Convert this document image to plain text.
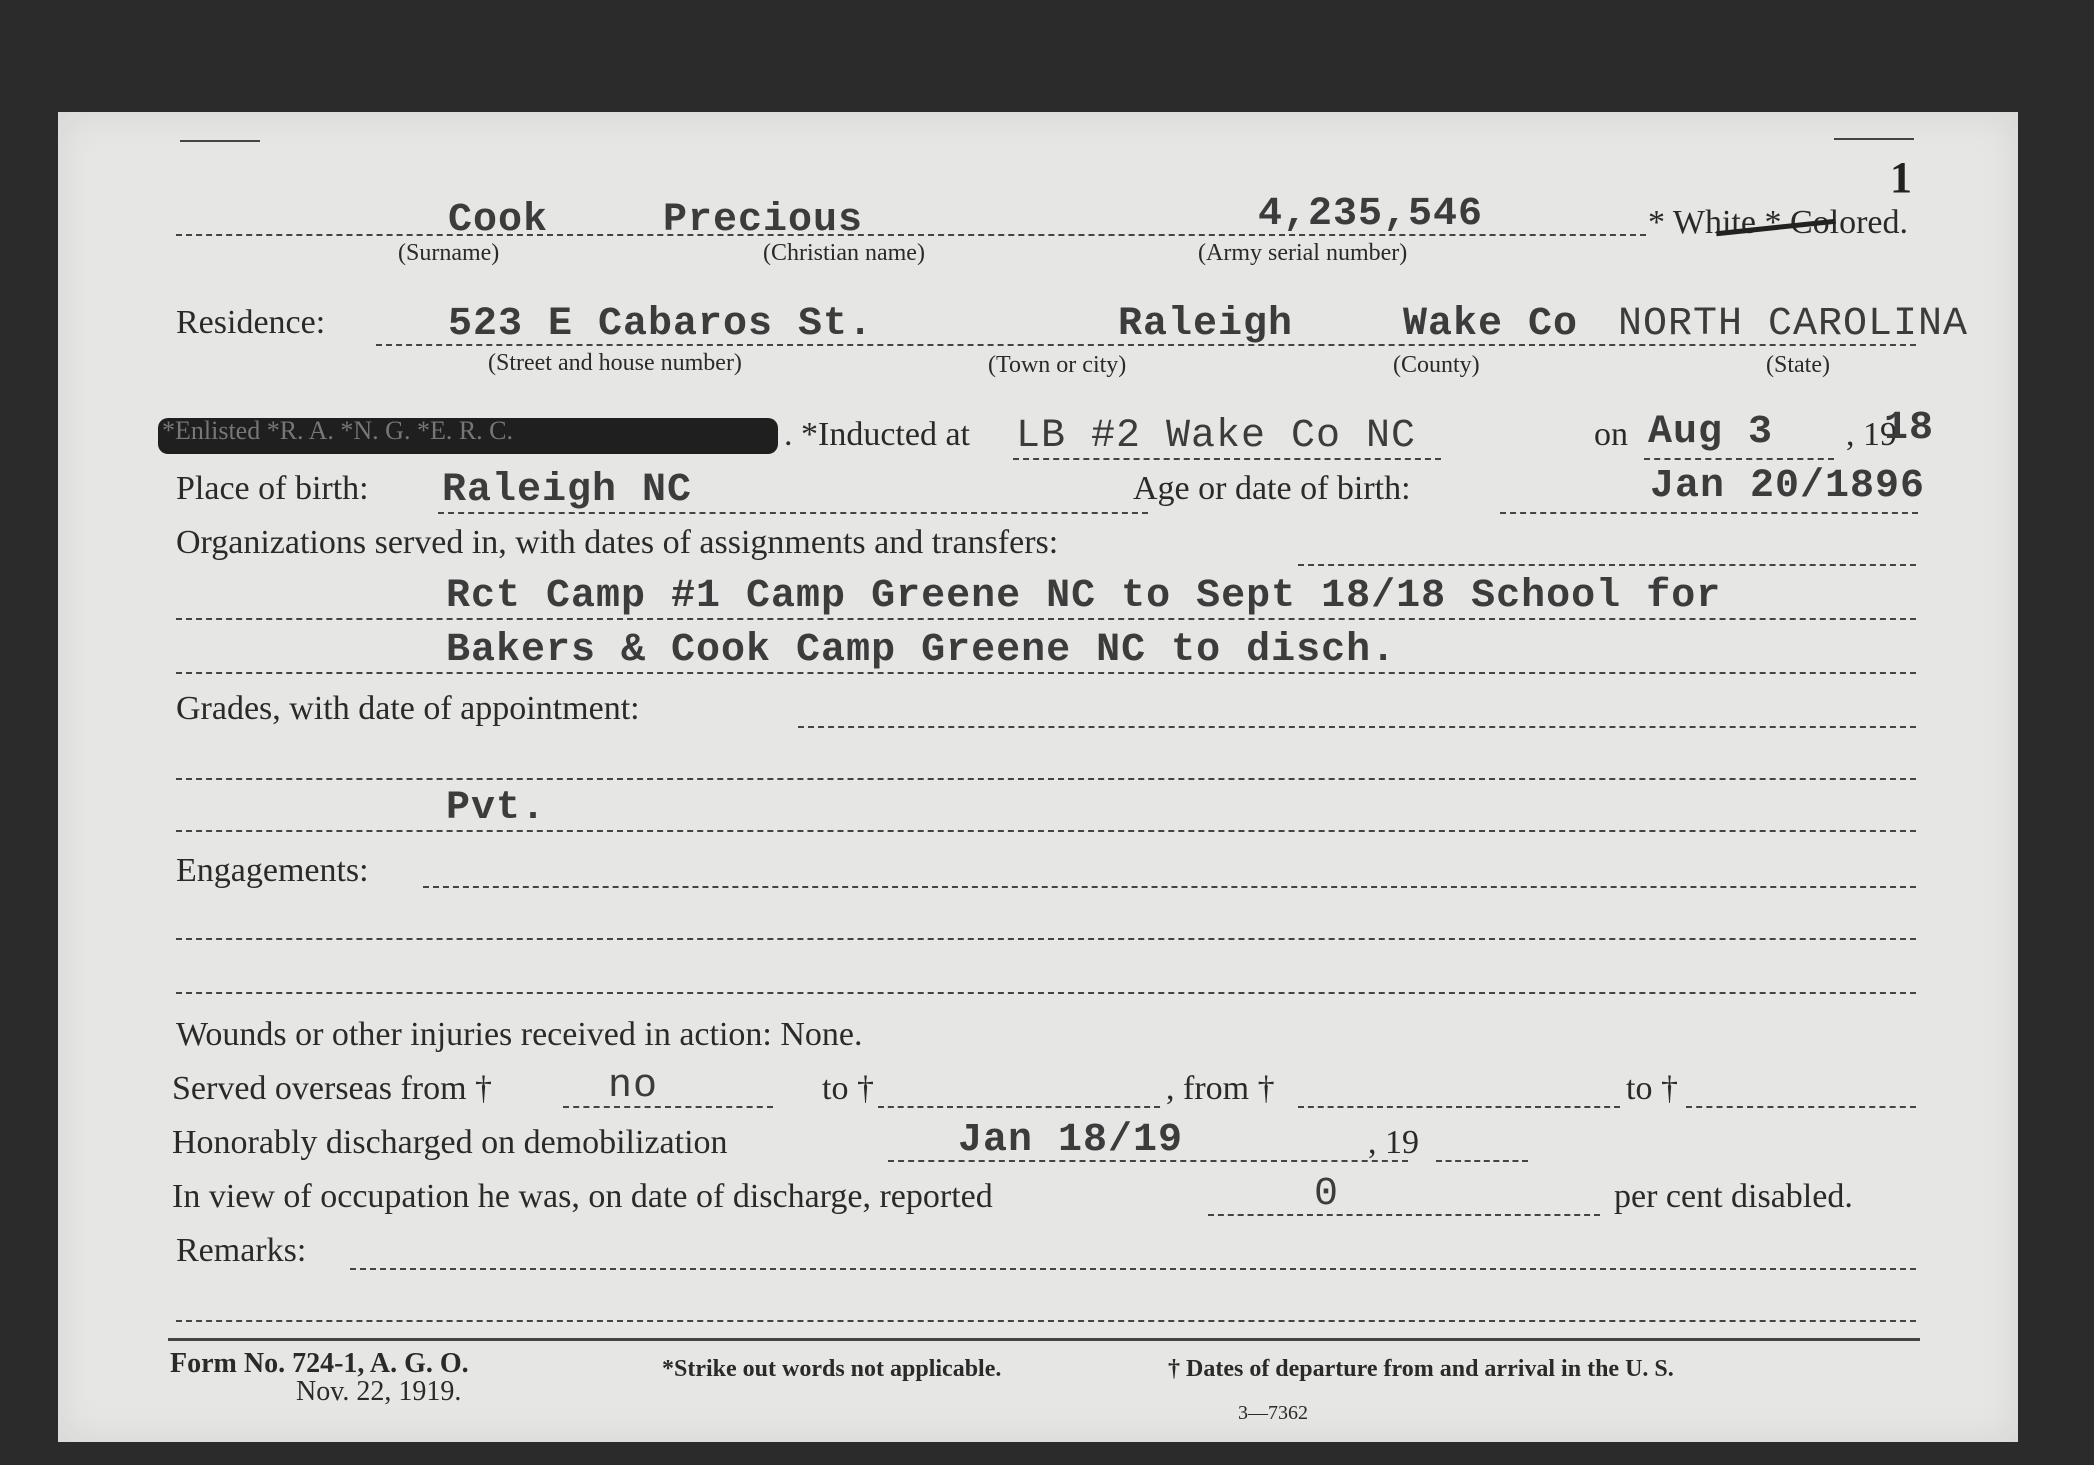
1
Cook	Precious	4,235,546
(Surname)	(Christian name)	(Army serial number)
* White * Colored.
Residence:	523 E Cabaros St.	Raleigh	Wake Co NORTH CAROLINA
(Street and house number)	(Town or city)	(County)	(State)
*Enlisted *R. A. *N. G. *E. R. C.	. *Inducted at LB #2 Wake Co NC	on Aug 3 , 19
18
Place of birth: Raleigh NC	Age or date of birth:	Jan 20/1896
Organizations served in, with dates of assignments and transfers:
Rct Camp #1 Camp Greene NC to Sept 18/18 School for
Bakers & Cook Camp Greene NC to disch.
Grades, with date of appointment:
Pvt.
Engagements:
Wounds or other injuries received in action: None.
Served overseas from †	no	to †	, from †	to †
Honorably discharged on demobilization	Jan 18/19	, 19
In view of occupation he was, on date of discharge, reported	0	per cent disabled.
Remarks:
Form No. 724-1, A. G. O.
Nov. 22, 1919.
*Strike out words not applicable.	† Dates of departure from and arrival in the U. S.
3—7362
